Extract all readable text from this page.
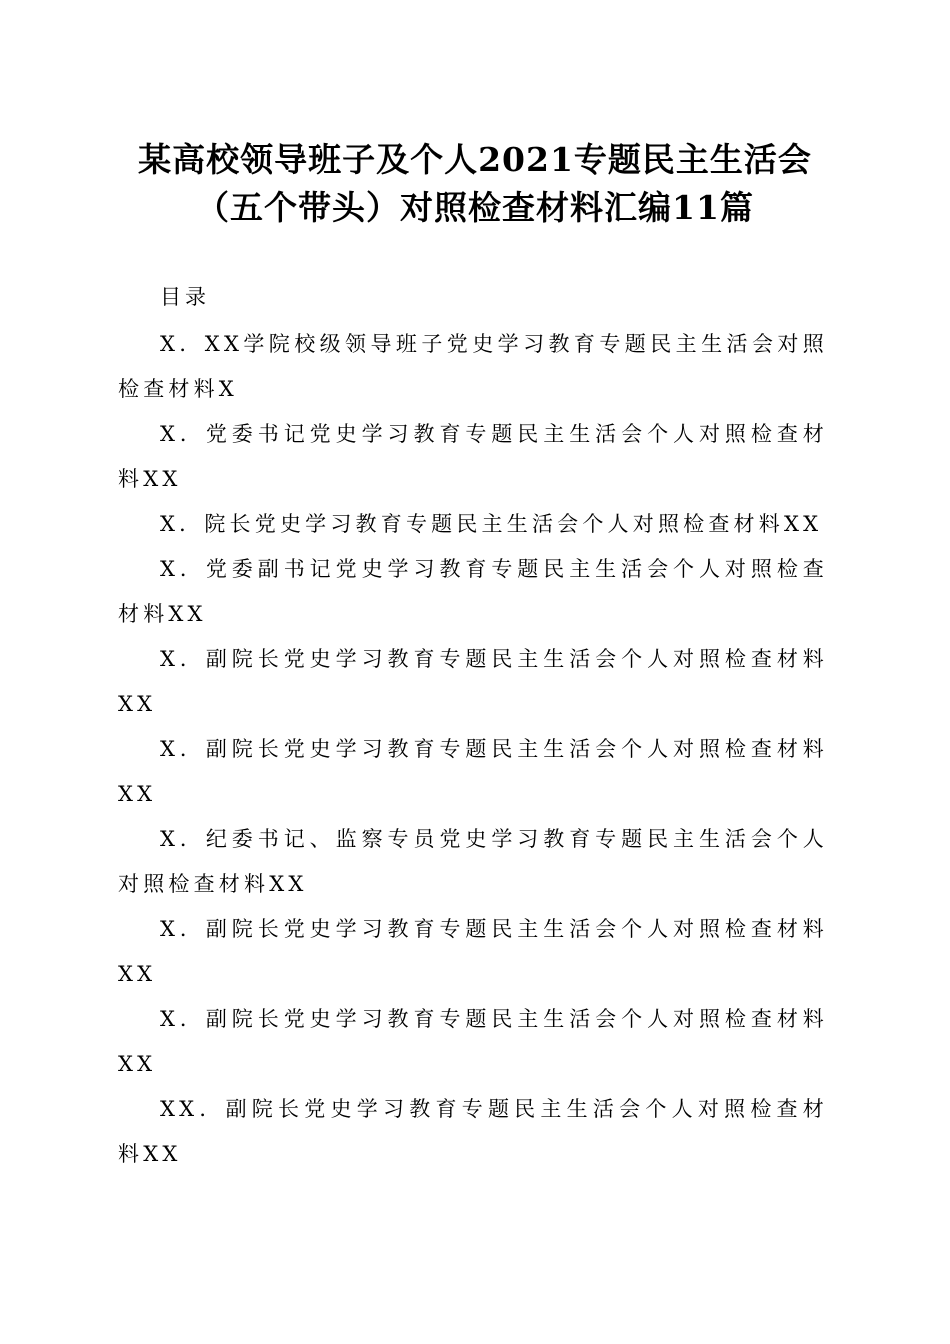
某高校领导班子及个人2021专题民主生活会
（五个带头）对照检查材料汇编11篇
目录
X．XX学院校级领导班子党史学习教育专题民主生活会对照检查材料X
X．党委书记党史学习教育专题民主生活会个人对照检查材料XX
X．院长党史学习教育专题民主生活会个人对照检查材料XX
X．党委副书记党史学习教育专题民主生活会个人对照检查材料XX
X．副院长党史学习教育专题民主生活会个人对照检查材料XX
X．副院长党史学习教育专题民主生活会个人对照检查材料XX
X．纪委书记、监察专员党史学习教育专题民主生活会个人对照检查材料XX
X．副院长党史学习教育专题民主生活会个人对照检查材料XX
X．副院长党史学习教育专题民主生活会个人对照检查材料XX
XX．副院长党史学习教育专题民主生活会个人对照检查材料XX
